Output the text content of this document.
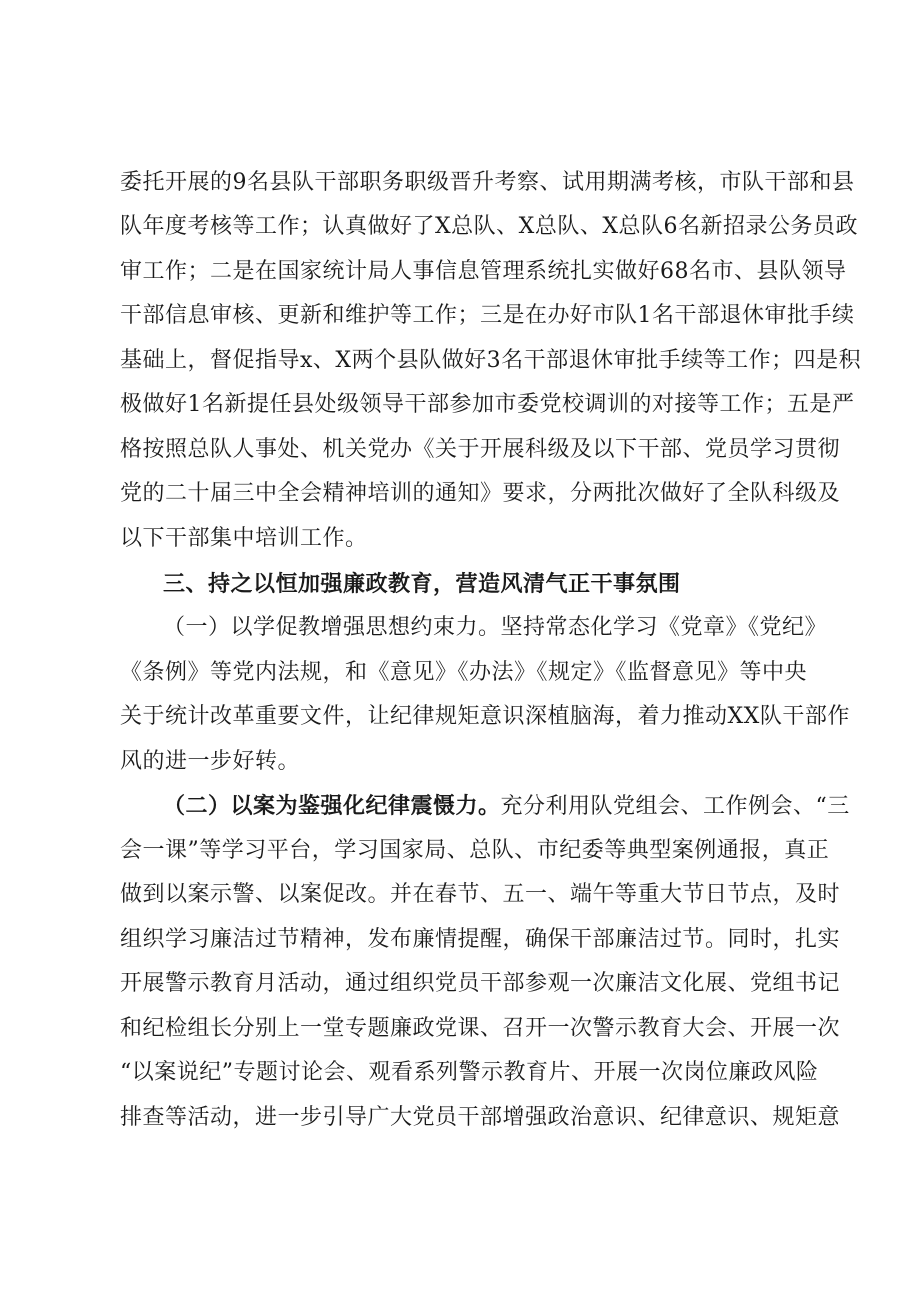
委托开展的9名县队干部职务职级晋升考察、试用期满考核，市队干部和县
队年度考核等工作；认真做好了X总队、X总队、X总队6名新招录公务员政
审工作；二是在国家统计局人事信息管理系统扎实做好68名市、县队领导
干部信息审核、更新和维护等工作；三是在办好市队1名干部退休审批手续
基础上，督促指导x、X两个县队做好3名干部退休审批手续等工作；四是积
极做好1名新提任县处级领导干部参加市委党校调训的对接等工作；五是严
格按照总队人事处、机关党办《关于开展科级及以下干部、党员学习贯彻
党的二十届三中全会精神培训的通知》要求，分两批次做好了全队科级及
以下干部集中培训工作。
三、持之以恒加强廉政教育，营造风清气正干事氛围
（一）以学促教增强思想约束力。坚持常态化学习《党章》《党纪》
《条例》等党内法规，和《意见》《办法》《规定》《监督意见》等中央
关于统计改革重要文件，让纪律规矩意识深植脑海，着力推动XX队干部作
风的进一步好转。
（二）以案为鉴强化纪律震慑力。充分利用队党组会、工作例会、“三
会一课”等学习平台，学习国家局、总队、市纪委等典型案例通报，真正
做到以案示警、以案促改。并在春节、五一、端午等重大节日节点，及时
组织学习廉洁过节精神，发布廉情提醒，确保干部廉洁过节。同时，扎实
开展警示教育月活动，通过组织党员干部参观一次廉洁文化展、党组书记
和纪检组长分别上一堂专题廉政党课、召开一次警示教育大会、开展一次
“以案说纪”专题讨论会、观看系列警示教育片、开展一次岗位廉政风险
排查等活动，进一步引导广大党员干部增强政治意识、纪律意识、规矩意
